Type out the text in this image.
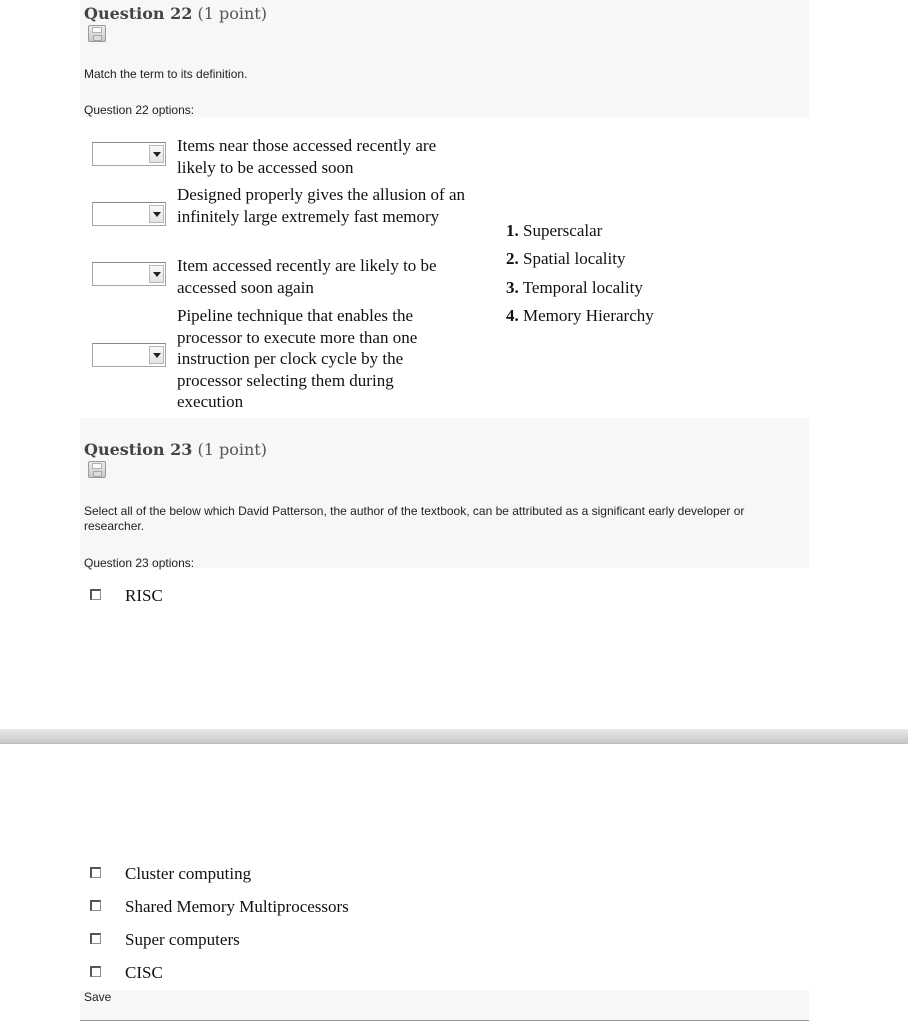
Question 22 (1 point)
Match the term to its definition.
Question 22 options:
Items near those accessed recently are likely to be accessed soon
Designed properly gives the allusion of an infinitely large extremely fast memory
Item accessed recently are likely to be accessed soon again
Pipeline technique that enables the processor to execute more than one instruction per clock cycle by the processor selecting them during execution
1. Superscalar
2. Spatial locality
3. Temporal locality
4. Memory Hierarchy
Question 23 (1 point)
Select all of the below which David Patterson, the author of the textbook, can be attributed as a significant early developer or researcher.
Question 23 options:
RISC
Cluster computing
Shared Memory Multiprocessors
Super computers
CISC
Save
